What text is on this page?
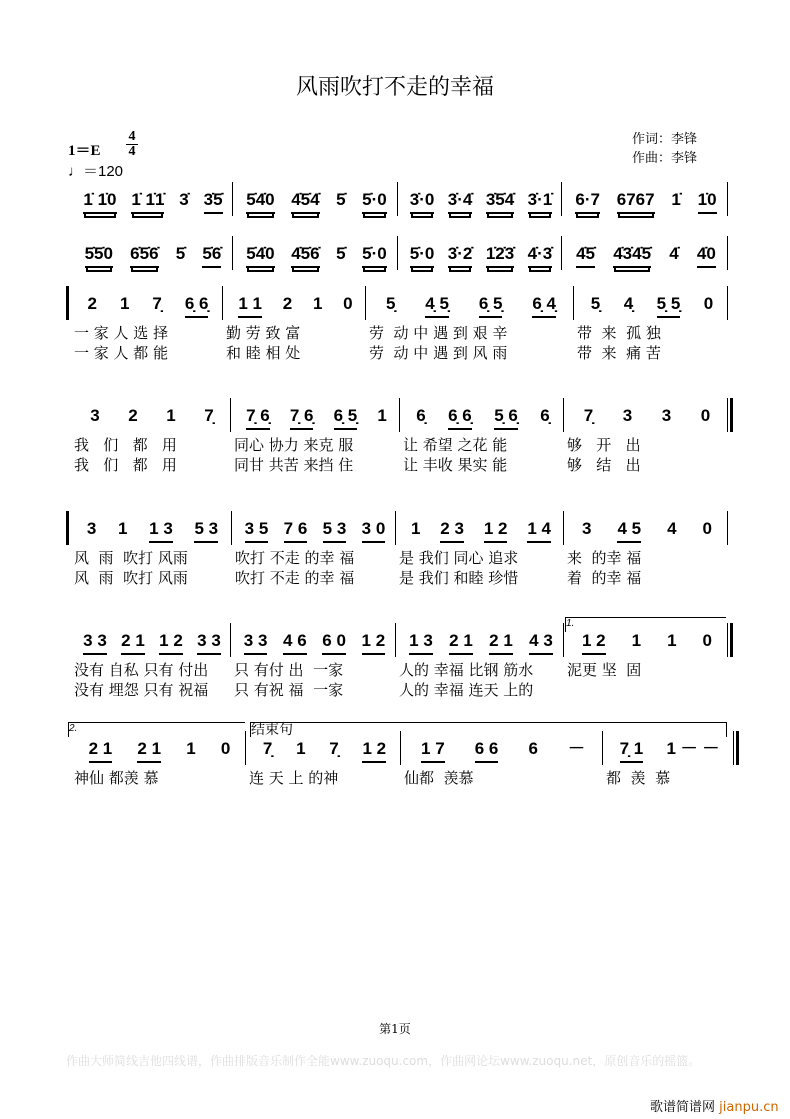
风雨吹打不走的幸福
1＝E
4
4
♩＝120
作词：李锋
作曲：李锋
1̇ 1̇0 1̇ 1̇1̇ 3̇ 3̇5̇ 5̇4̇0 4̇5̇4̇ 5̇ 5̇·0 3̇·0 3̇·4̇ 3̇5̇4̇ 3̇·1̇ 6·7 6767 1̇ 1̇0
5̇5̇0 6̇5̇6̇ 5̇ 5̇6̇ 5̇4̇0 4̇5̇6̇ 5̇ 5̇·0 5̇·0 3̇·2̇ 1̇2̇3̇ 4̇·3̇ 4̇5̇ 4̇3̇4̇5̇ 4̇ 4̇0
2 1 7̣ 6̣ 6̣ 1 1 2 1 0 5̣ 4̣ 5̣ 6̣ 5̣ 6̣ 4̣ 5̣ 4̣ 5̣ 5̣ 0
一 家 人 选 择	勤 劳 致 富	劳  动 中 遇 到 艰 辛	带  来  孤 独
一 家 人 都 能	和 睦 相 处	劳  动 中 遇 到 风 雨	带  来  痛 苦
3 2 1 7̣ 7̣ 6̣ 7̣ 6̣ 6̣ 5̣ 1 6̣ 6̣ 6̣ 5̣ 6̣ 6̣ 7̣ 3 3 0
我   们   都   用	同心 协力 来克 服	让 希望 之花 能	够   开   出
我   们   都   用	同甘 共苦 来挡 住	让 丰收 果实 能	够   结   出
3 1 1 3 5 3 3 5 7 6 5 3 3 0 1 2 3 1 2 1 4 3 4 5 4 0
风  雨  吹打 风雨	吹打 不走 的幸 福	是 我们 同心 追求	来  的幸 福
风  雨  吹打 风雨	吹打 不走 的幸 福	是 我们 和睦 珍惜	着  的幸 福
3 3 2 1 1 2 3 3 3 3 4 6 6 0 1 2 1 3 2 1 2 1 4 3 1 2 1 1 0
没有 自私 只有 付出 只 有付 出  一家	人的 幸福 比钢 筋水 泥更 坚  固
没有 埋怨 只有 祝福 只 有祝 福  一家	人的 幸福 连天 上的
2 1 2 1 1 0 7̣ 1 7̣ 1 2 1 7 6 6 6 － 7̣ 1 1 － －
神仙 都羡 慕	连 天 上 的神	仙都  羡慕	都  羡  慕
1.
2.	结束句
第1页
作曲大师简线吉他四线谱，作曲排版音乐制作全能www.zuoqu.com，作曲网论坛www.zuoqu.net，原创音乐的摇篮。
歌谱简谱网 jianpu.cn
